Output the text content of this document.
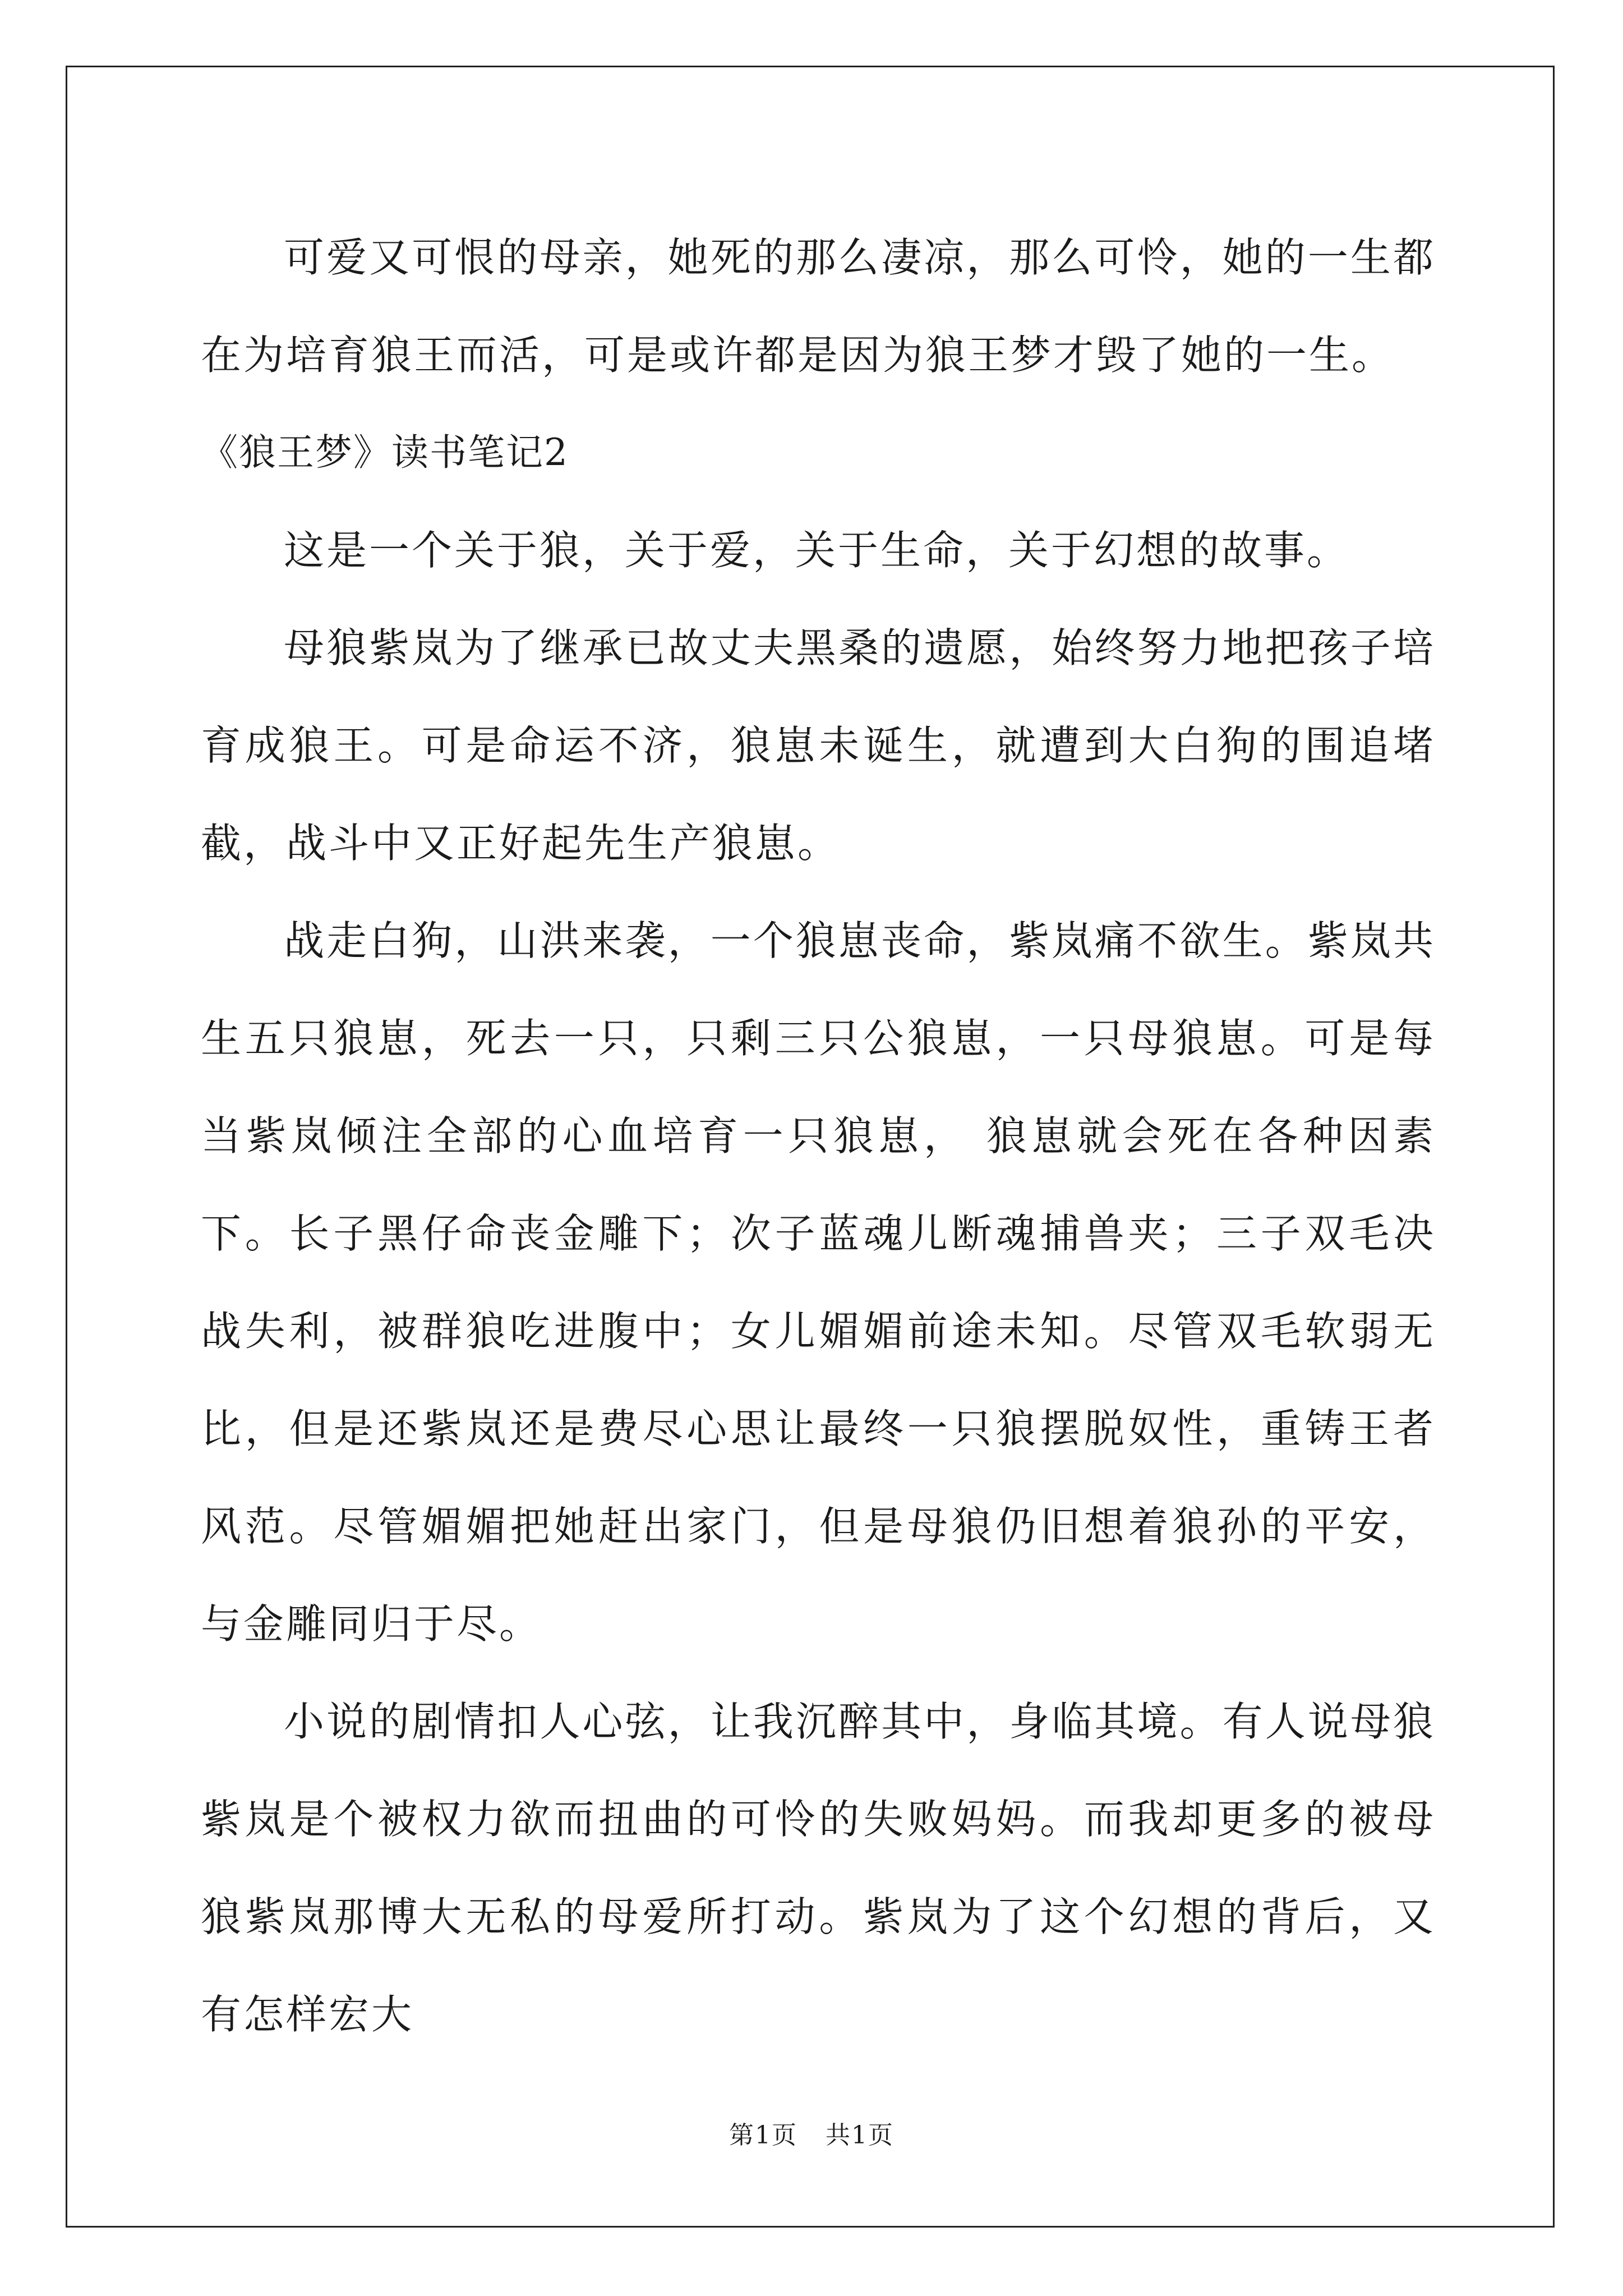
可爱又可恨的母亲，她死的那么凄凉，那么可怜，她的一生都在为培育狼王而活，可是或许都是因为狼王梦才毁了她的一生。

《狼王梦》读书笔记2

这是一个关于狼，关于爱，关于生命，关于幻想的故事。

母狼紫岚为了继承已故丈夫黑桑的遗愿，始终努力地把孩子培育成狼王。可是命运不济，狼崽未诞生，就遭到大白狗的围追堵截，战斗中又正好起先生产狼崽。

战走白狗，山洪来袭，一个狼崽丧命，紫岚痛不欲生。紫岚共生五只狼崽，死去一只，只剩三只公狼崽，一只母狼崽。可是每当紫岚倾注全部的心血培育一只狼崽， 狼崽就会死在各种因素下。长子黑仔命丧金雕下；次子蓝魂儿断魂捕兽夹；三子双毛决战失利，被群狼吃进腹中；女儿媚媚前途未知。尽管双毛软弱无比，但是还紫岚还是费尽心思让最终一只狼摆脱奴性，重铸王者风范。尽管媚媚把她赶出家门，但是母狼仍旧想着狼孙的平安，与金雕同归于尽。

小说的剧情扣人心弦，让我沉醉其中，身临其境。有人说母狼紫岚是个被权力欲而扭曲的可怜的失败妈妈。而我却更多的被母狼紫岚那博大无私的母爱所打动。紫岚为了这个幻想的背后，又有怎样宏大

第1页 共1页
